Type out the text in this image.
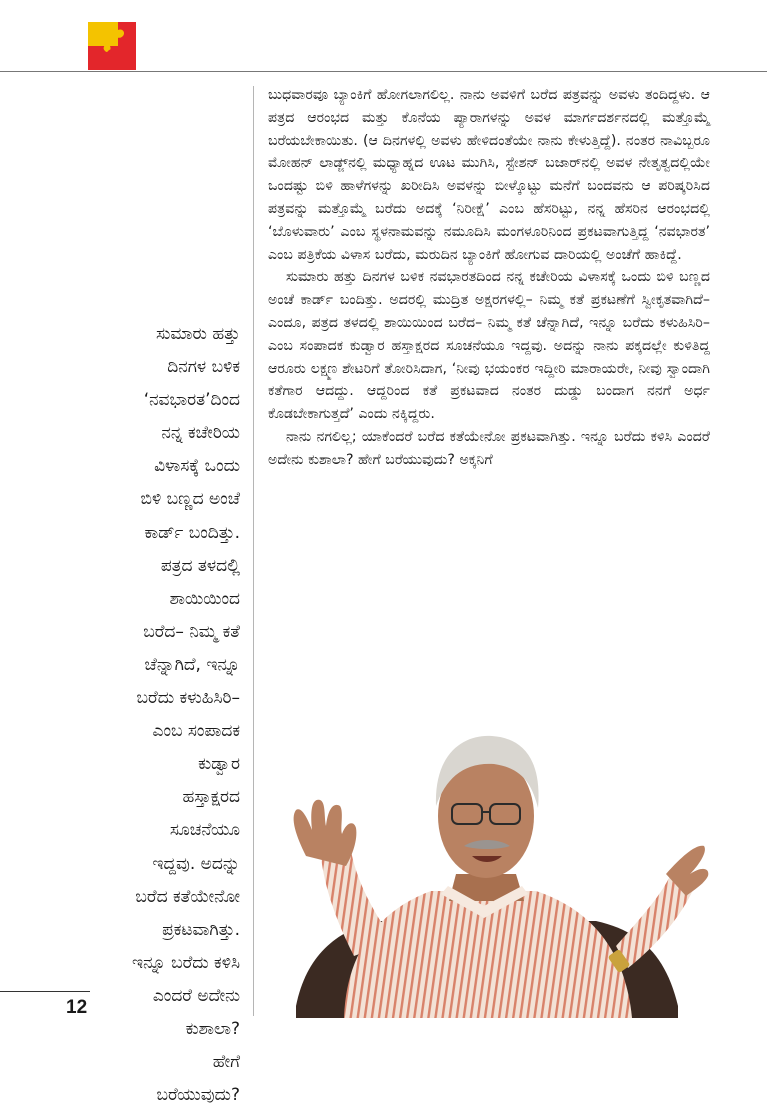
ಸುಮಾರು ಹತ್ತು
ದಿನಗಳ ಬಳಿಕ
‘ನವಭಾರತ’ದಿಂದ
ನನ್ನ ಕಚೇರಿಯ
ವಿಳಾಸಕ್ಕೆ ಒಂದು
ಬಿಳಿ ಬಣ್ಣದ ಅಂಚೆ
ಕಾರ್ಡ್ ಬಂದಿತ್ತು.
ಪತ್ರದ ತಳದಲ್ಲಿ
ಶಾಯಿಯಿಂದ
ಬರೆದ– ನಿಮ್ಮ ಕತೆ
ಚೆನ್ನಾಗಿದೆ, ಇನ್ನೂ
ಬರೆದು ಕಳುಹಿಸಿರಿ–
ಎಂಬ ಸಂಪಾದಕ
ಕುಡ್ವಾರ
ಹಸ್ತಾಕ್ಷರದ
ಸೂಚನೆಯೂ
ಇದ್ದವು. ಅದನ್ನು
ಬರೆದ ಕತೆಯೇನೋ
ಪ್ರಕಟವಾಗಿತ್ತು.
ಇನ್ನೂ ಬರೆದು ಕಳಿಸಿ
ಎಂದರೆ ಅದೇನು
ಕುಶಾಲಾ?
ಹೇಗೆ
ಬರೆಯುವುದು?

ಬುಧವಾರವೂ ಬ್ಯಾಂಕಿಗೆ ಹೋಗಲಾಗಲಿಲ್ಲ. ನಾನು ಅವಳಿಗೆ ಬರೆದ ಪತ್ರವನ್ನು ಅವಳು ತಂದಿದ್ದಳು. ಆ ಪತ್ರದ ಆರಂಭದ ಮತ್ತು ಕೊನೆಯ ಪ್ಯಾರಾಗಳನ್ನು ಅವಳ ಮಾರ್ಗದರ್ಶನದಲ್ಲಿ ಮತ್ತೊಮ್ಮೆ ಬರೆಯಬೇಕಾಯಿತು. (ಆ ದಿನಗಳಲ್ಲಿ ಅವಳು ಹೇಳಿದಂತೆಯೇ ನಾನು ಕೇಳುತ್ತಿದ್ದೆ). ನಂತರ ನಾವಿಬ್ಬರೂ ಮೋಹನ್ ಲಾಡ್ಜ್‌ನಲ್ಲಿ ಮಧ್ಯಾಹ್ನದ ಊಟ ಮುಗಿಸಿ, ಸ್ಟೇಶನ್ ಬಜಾರ್‌ನಲ್ಲಿ ಅವಳ ನೇತೃತ್ವದಲ್ಲಿಯೇ ಒಂದಷ್ಟು ಬಿಳಿ ಹಾಳೆಗಳನ್ನು ಖರೀದಿಸಿ ಅವಳನ್ನು ಬೀಳ್ಕೊಟ್ಟು ಮನೆಗೆ ಬಂದವನು ಆ ಪರಿಷ್ಕರಿಸಿದ ಪತ್ರವನ್ನು ಮತ್ತೊಮ್ಮೆ ಬರೆದು ಅದಕ್ಕೆ ‘ನಿರೀಕ್ಷೆ’ ಎಂಬ ಹೆಸರಿಟ್ಟು, ನನ್ನ ಹೆಸರಿನ ಆರಂಭದಲ್ಲಿ ‘ಬೊಳುವಾರು’ ಎಂಬ ಸ್ಥಳನಾಮವನ್ನು ನಮೂದಿಸಿ ಮಂಗಳೂರಿನಿಂದ ಪ್ರಕಟವಾಗುತ್ತಿದ್ದ ‘ನವಭಾರತ’ ಎಂಬ ಪತ್ರಿಕೆಯ ವಿಳಾಸ ಬರೆದು, ಮರುದಿನ ಬ್ಯಾಂಕಿಗೆ ಹೋಗುವ ದಾರಿಯಲ್ಲಿ ಅಂಚೆಗೆ ಹಾಕಿದ್ದೆ.

ಸುಮಾರು ಹತ್ತು ದಿನಗಳ ಬಳಿಕ ನವಭಾರತದಿಂದ ನನ್ನ ಕಚೇರಿಯ ವಿಳಾಸಕ್ಕೆ ಒಂದು ಬಿಳಿ ಬಣ್ಣದ ಅಂಚೆ ಕಾರ್ಡ್ ಬಂದಿತ್ತು. ಅದರಲ್ಲಿ ಮುದ್ರಿತ ಅಕ್ಷರಗಳಲ್ಲಿ– ನಿಮ್ಮ ಕತೆ ಪ್ರಕಟಣೆಗೆ ಸ್ವೀಕೃತವಾಗಿದೆ– ಎಂದೂ, ಪತ್ರದ ತಳದಲ್ಲಿ ಶಾಯಿಯಿಂದ ಬರೆದ– ನಿಮ್ಮ ಕತೆ ಚೆನ್ನಾಗಿದೆ, ಇನ್ನೂ ಬರೆದು ಕಳುಹಿಸಿರಿ– ಎಂಬ ಸಂಪಾದಕ ಕುಡ್ವಾರ ಹಸ್ತಾಕ್ಷರದ ಸೂಚನೆಯೂ ಇದ್ದವು. ಅದನ್ನು ನಾನು ಪಕ್ಕದಲ್ಲೇ ಕುಳಿತಿದ್ದ ಆರೂರು ಲಕ್ಷ್ಮಣ ಶೇಟರಿಗೆ ತೋರಿಸಿದಾಗ, ‘ನೀವು ಭಯಂಕರ ಇದ್ದೀರಿ ಮಾರಾಯರೇ, ನೀವು ಸ್ವಾಂದಾಗಿ ಕತೆಗಾರ ಆದದ್ದು. ಆದ್ದರಿಂದ ಕತೆ ಪ್ರಕಟವಾದ ನಂತರ ದುಡ್ಡು ಬಂದಾಗ ನನಗೆ ಅರ್ಧ ಕೊಡಬೇಕಾಗುತ್ತದೆ’ ಎಂದು ನಕ್ಕಿದ್ದರು.

ನಾನು ನಗಲಿಲ್ಲ; ಯಾಕೆಂದರೆ ಬರೆದ ಕತೆಯೇನೋ ಪ್ರಕಟವಾಗಿತ್ತು. ಇನ್ನೂ ಬರೆದು ಕಳಿಸಿ ಎಂದರೆ ಅದೇನು ಕುಶಾಲಾ? ಹೇಗೆ ಬರೆಯುವುದು? ಅಕ್ಕನಿಗೆ

12
